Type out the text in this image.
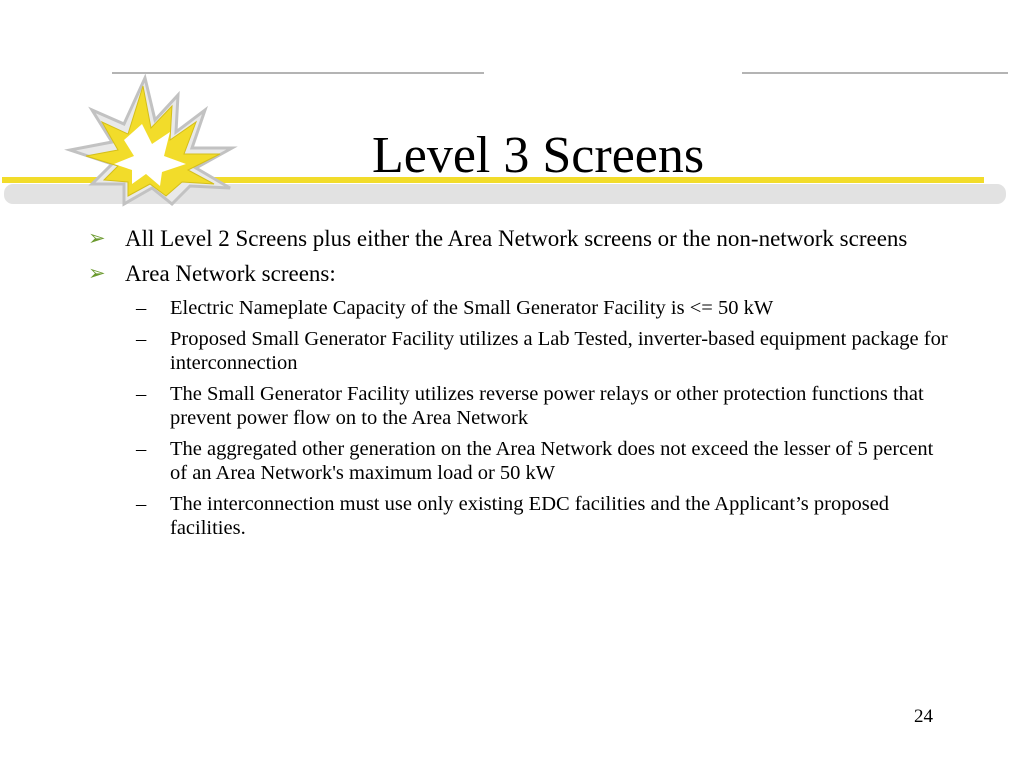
Level 3 Screens
➢ All Level 2 Screens plus either the Area Network screens or the non-network screens
➢ Area Network screens:
– Electric Nameplate Capacity of the Small Generator Facility is <= 50 kW
– Proposed Small Generator Facility utilizes a Lab Tested, inverter-based equipment package for interconnection
– The Small Generator Facility utilizes reverse power relays or other protection functions that prevent power flow on to the Area Network
– The aggregated other generation on the Area Network does not exceed the lesser of 5 percent of an Area Network's maximum load or 50 kW
– The interconnection must use only existing EDC facilities and the Applicant’s proposed facilities.
24
